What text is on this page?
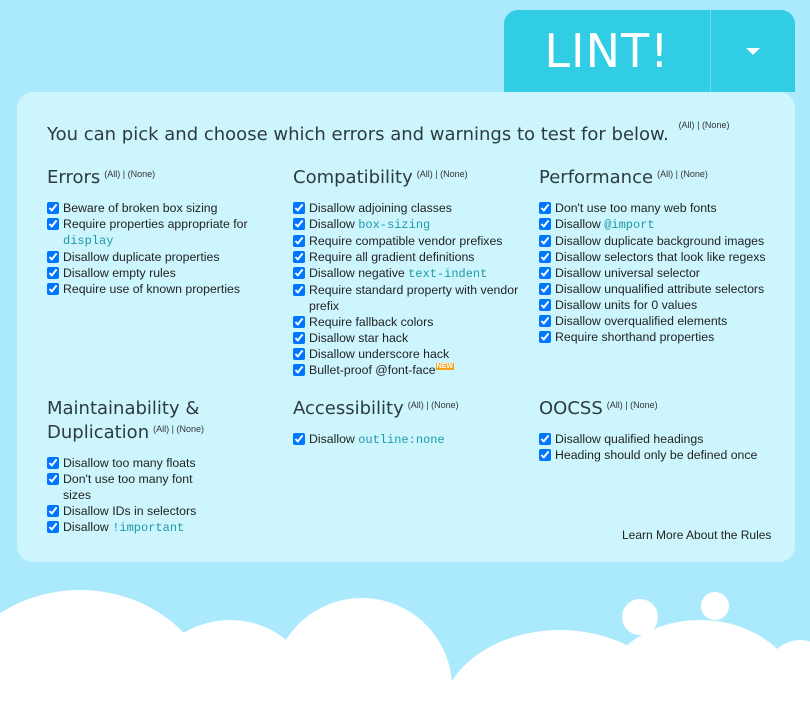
LINT!
You can pick and choose which errors and warnings to test for below. $^{(All) | (None)}$
Errors $^{(All) | (None)}$
Beware of broken box sizing
Require properties appropriate for display
Disallow duplicate properties
Disallow empty rules
Require use of known properties
Compatibility $^{(All) | (None)}$
Disallow adjoining classes
Disallow box-sizing
Require compatible vendor prefixes
Require all gradient definitions
Disallow negative text-indent
Require standard property with vendor prefix
Require fallback colors
Disallow star hack
Disallow underscore hack
Bullet-proof @font-face$^{NEW}$
Performance $^{(All) | (None)}$
Don't use too many web fonts
Disallow @import
Disallow duplicate background images
Disallow selectors that look like regexs
Disallow universal selector
Disallow unqualified attribute selectors
Disallow units for 0 values
Disallow overqualified elements
Require shorthand properties
Maintainability & Duplication $^{(All) | (None)}$
Disallow too many floats
Don't use too many font sizes
Disallow IDs in selectors
Disallow !important
Accessibility $^{(All) | (None)}$
Disallow outline:none
OOCSS $^{(All) | (None)}$
Disallow qualified headings
Heading should only be defined once
Learn More About the Rules
